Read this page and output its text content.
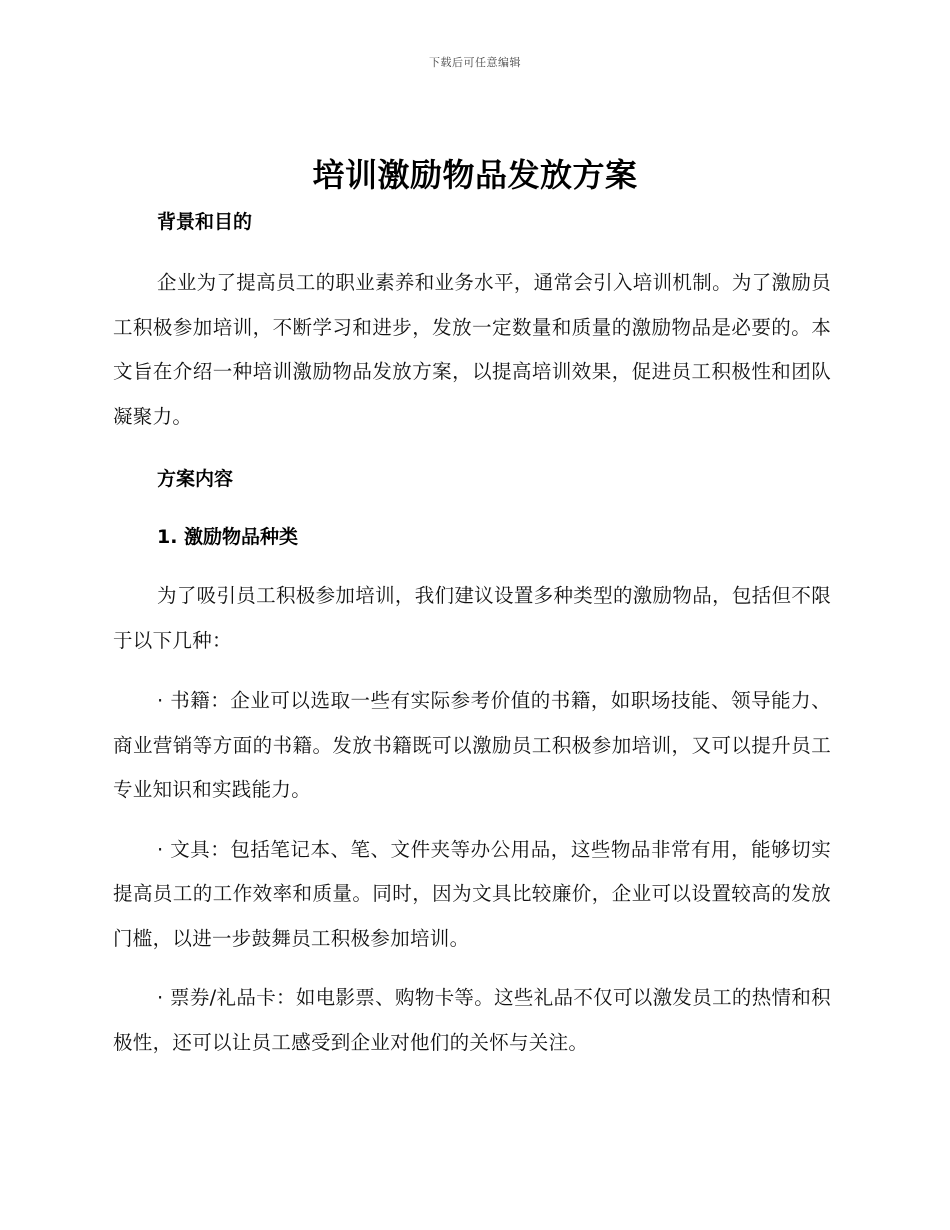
下载后可任意编辑
培训激励物品发放方案

背景和目的

企业为了提高员工的职业素养和业务水平，通常会引入培训机制。为了激励员工积极参加培训，不断学习和进步，发放一定数量和质量的激励物品是必要的。本文旨在介绍一种培训激励物品发放方案，以提高培训效果，促进员工积极性和团队凝聚力。

方案内容

1. 激励物品种类

为了吸引员工积极参加培训，我们建议设置多种类型的激励物品，包括但不限于以下几种：

· 书籍：企业可以选取一些有实际参考价值的书籍，如职场技能、领导能力、商业营销等方面的书籍。发放书籍既可以激励员工积极参加培训，又可以提升员工专业知识和实践能力。

· 文具：包括笔记本、笔、文件夹等办公用品，这些物品非常有用，能够切实提高员工的工作效率和质量。同时，因为文具比较廉价，企业可以设置较高的发放门槛，以进一步鼓舞员工积极参加培训。

· 票券/礼品卡：如电影票、购物卡等。这些礼品不仅可以激发员工的热情和积极性，还可以让员工感受到企业对他们的关怀与关注。
